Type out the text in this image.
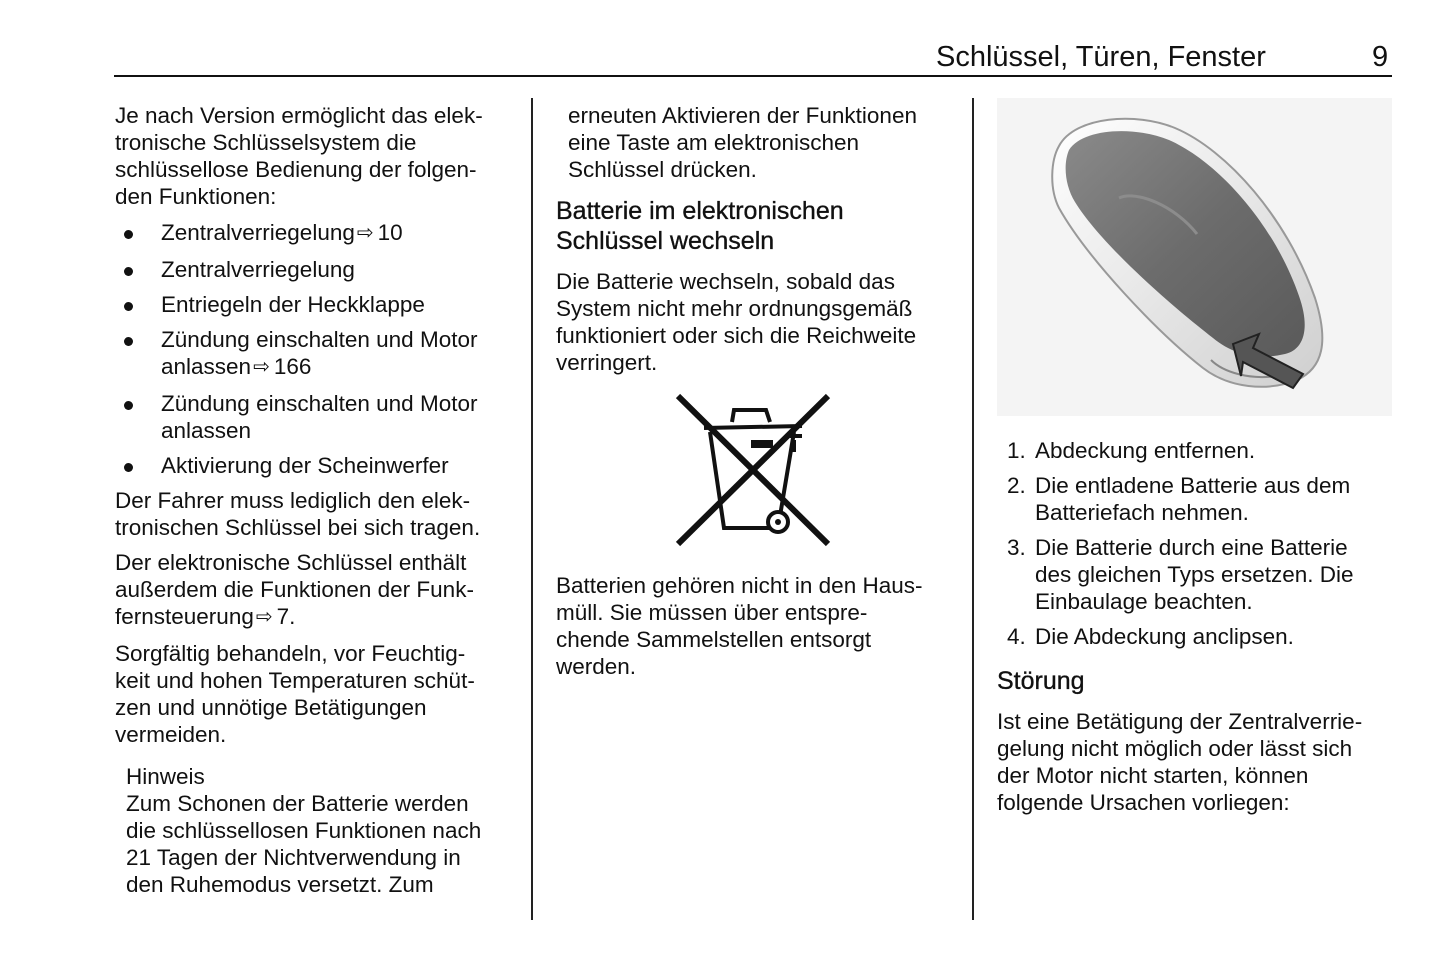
Schlüssel, Türen, Fenster	9

Je nach Version ermöglicht das elek-
tronische Schlüsselsystem die
schlüssellose Bedienung der folgen-
den Funktionen:

Zentralverriegelung ⇨ 10
Zentralverriegelung
Entriegeln der Heckklappe
Zündung einschalten und Motor
anlassen ⇨ 166
Zündung einschalten und Motor
anlassen
Aktivierung der Scheinwerfer

Der Fahrer muss lediglich den elek-
tronischen Schlüssel bei sich tragen.

Der elektronische Schlüssel enthält
außerdem die Funktionen der Funk-
fernsteuerung ⇨ 7.

Sorgfältig behandeln, vor Feuchtig-
keit und hohen Temperaturen schüt-
zen und unnötige Betätigungen
vermeiden.

Hinweis
Zum Schonen der Batterie werden
die schlüssellosen Funktionen nach
21 Tagen der Nichtverwendung in
den Ruhemodus versetzt. Zum

erneuten Aktivieren der Funktionen
eine Taste am elektronischen
Schlüssel drücken.

Batterie im elektronischen
Schlüssel wechseln

Die Batterie wechseln, sobald das
System nicht mehr ordnungsgemäß
funktioniert oder sich die Reichweite
verringert.

Batterien gehören nicht in den Haus-
müll. Sie müssen über entspre-
chende Sammelstellen entsorgt
werden.

1. Abdeckung entfernen.
2. Die entladene Batterie aus dem
Batteriefach nehmen.
3. Die Batterie durch eine Batterie
des gleichen Typs ersetzen. Die
Einbaulage beachten.
4. Die Abdeckung anclipsen.
Störung

Ist eine Betätigung der Zentralverrie-
gelung nicht möglich oder lässt sich
der Motor nicht starten, können
folgende Ursachen vorliegen:
